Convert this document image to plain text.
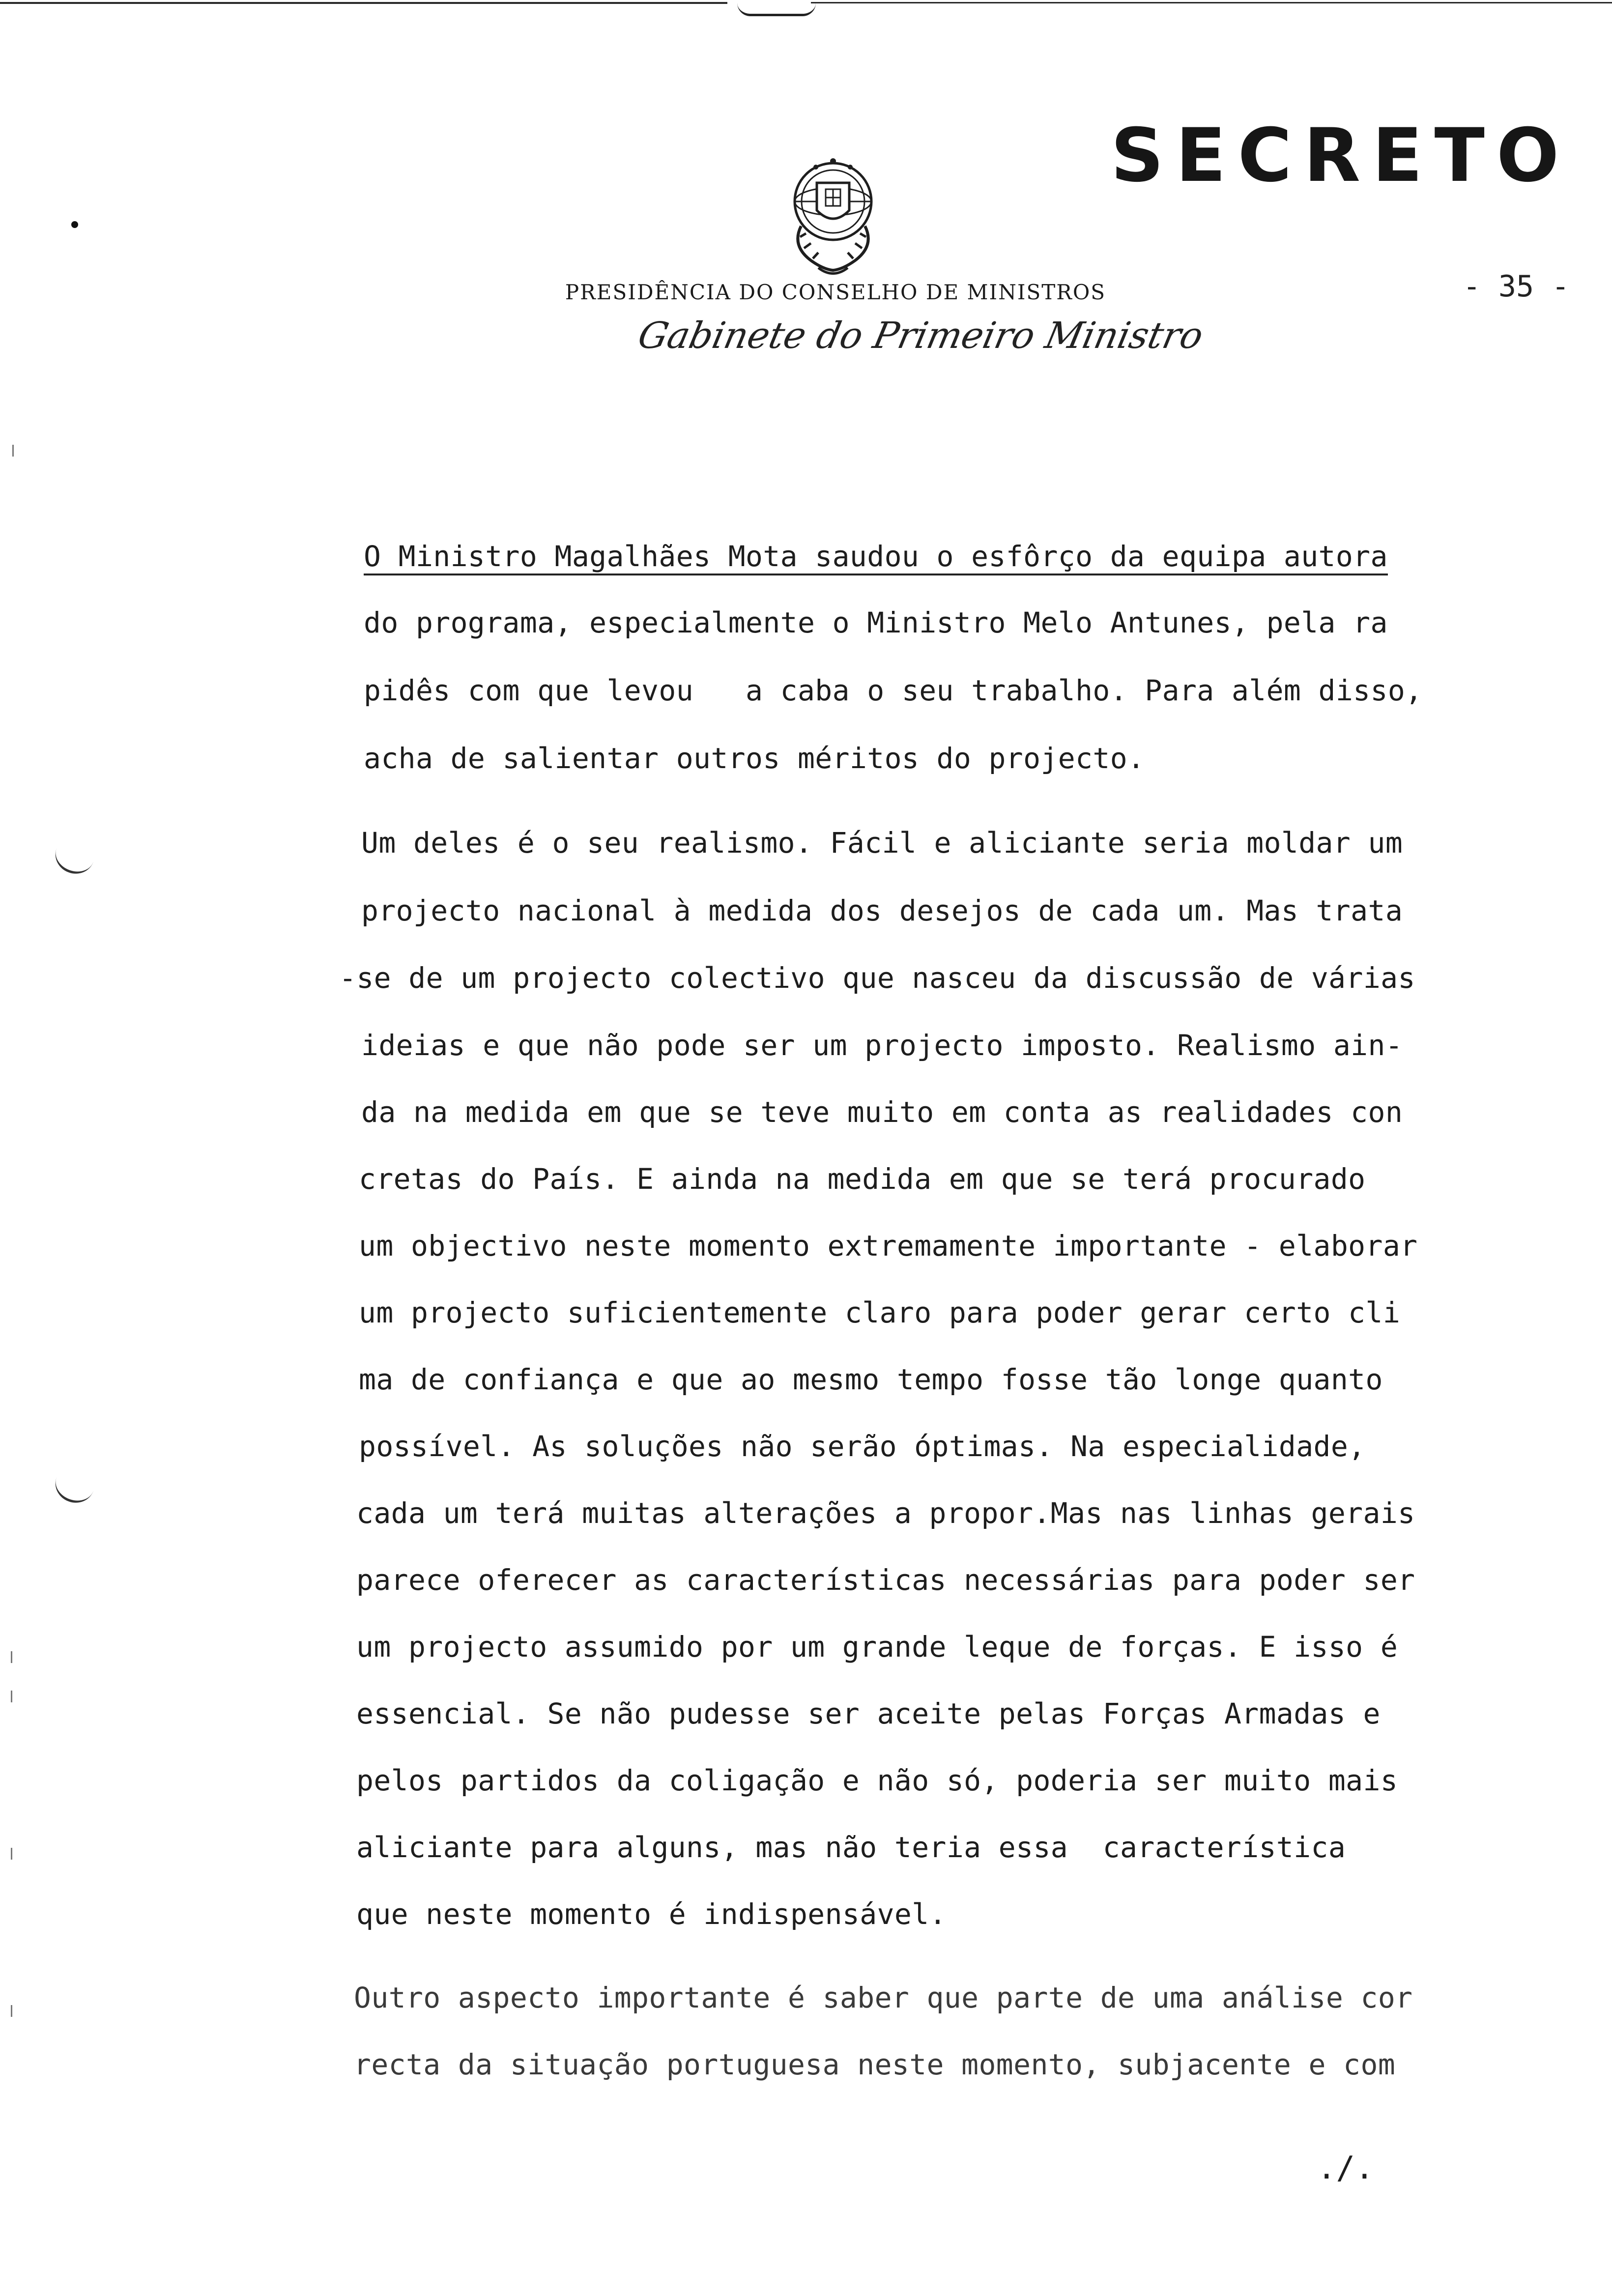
SECRETO
PRESIDÊNCIA DO CONSELHO DE MINISTROS
Gabinete do Primeiro Ministro
- 35 -
O Ministro Magalhães Mota saudou o esfôrço da equipa autora
do programa, especialmente o Ministro Melo Antunes, pela ra
pidês com que levou   a caba o seu trabalho. Para além disso,
acha de salientar outros méritos do projecto.
Um deles é o seu realismo. Fácil e aliciante seria moldar um
projecto nacional à medida dos desejos de cada um. Mas trata
-se de um projecto colectivo que nasceu da discussão de várias
ideias e que não pode ser um projecto imposto. Realismo ain-
da na medida em que se teve muito em conta as realidades con
cretas do País. E ainda na medida em que se terá procurado
um objectivo neste momento extremamente importante - elaborar
um projecto suficientemente claro para poder gerar certo cli
ma de confiança e que ao mesmo tempo fosse tão longe quanto
possível. As soluções não serão óptimas. Na especialidade,
cada um terá muitas alterações a propor.Mas nas linhas gerais
parece oferecer as características necessárias para poder ser
um projecto assumido por um grande leque de forças. E isso é
essencial. Se não pudesse ser aceite pelas Forças Armadas e
pelos partidos da coligação e não só, poderia ser muito mais
aliciante para alguns, mas não teria essa  característica
que neste momento é indispensável.
Outro aspecto importante é saber que parte de uma análise cor
recta da situação portuguesa neste momento, subjacente e com
./.
